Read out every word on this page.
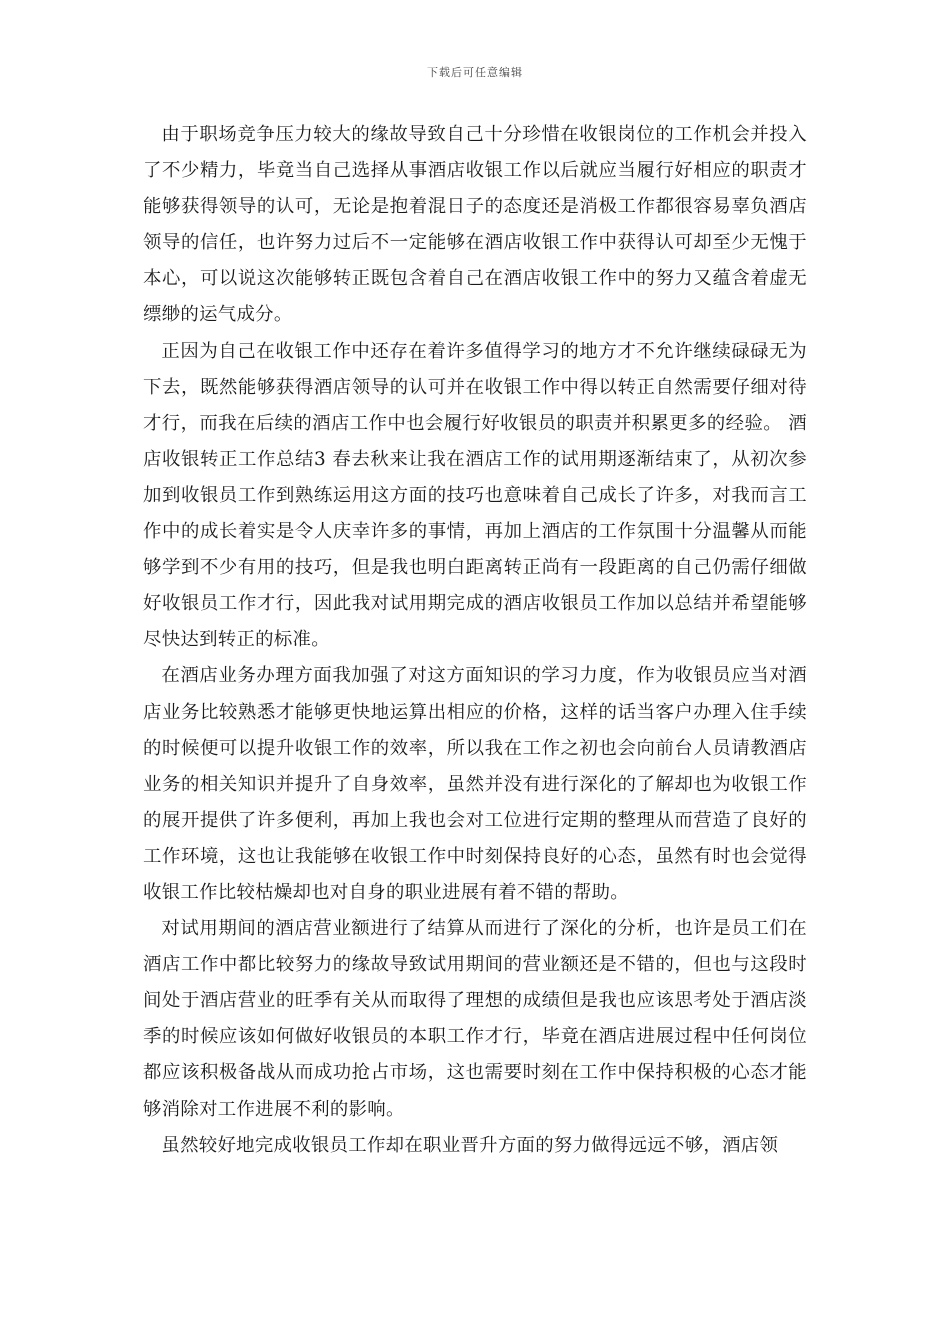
下载后可任意编辑

由于职场竞争压力较大的缘故导致自己十分珍惜在收银岗位的工作机会并投入了不少精力，毕竟当自己选择从事酒店收银工作以后就应当履行好相应的职责才能够获得领导的认可，无论是抱着混日子的态度还是消极工作都很容易辜负酒店领导的信任，也许努力过后不一定能够在酒店收银工作中获得认可却至少无愧于本心，可以说这次能够转正既包含着自己在酒店收银工作中的努力又蕴含着虚无缥缈的运气成分。

正因为自己在收银工作中还存在着许多值得学习的地方才不允许继续碌碌无为下去，既然能够获得酒店领导的认可并在收银工作中得以转正自然需要仔细对待才行，而我在后续的酒店工作中也会履行好收银员的职责并积累更多的经验。 酒店收银转正工作总结3 春去秋来让我在酒店工作的试用期逐渐结束了，从初次参加到收银员工作到熟练运用这方面的技巧也意味着自己成长了许多，对我而言工作中的成长着实是令人庆幸许多的事情，再加上酒店的工作氛围十分温馨从而能够学到不少有用的技巧，但是我也明白距离转正尚有一段距离的自己仍需仔细做好收银员工作才行，因此我对试用期完成的酒店收银员工作加以总结并希望能够尽快达到转正的标准。

在酒店业务办理方面我加强了对这方面知识的学习力度，作为收银员应当对酒店业务比较熟悉才能够更快地运算出相应的价格，这样的话当客户办理入住手续的时候便可以提升收银工作的效率，所以我在工作之初也会向前台人员请教酒店业务的相关知识并提升了自身效率，虽然并没有进行深化的了解却也为收银工作的展开提供了许多便利，再加上我也会对工位进行定期的整理从而营造了良好的工作环境，这也让我能够在收银工作中时刻保持良好的心态，虽然有时也会觉得收银工作比较枯燥却也对自身的职业进展有着不错的帮助。

对试用期间的酒店营业额进行了结算从而进行了深化的分析，也许是员工们在酒店工作中都比较努力的缘故导致试用期间的营业额还是不错的，但也与这段时间处于酒店营业的旺季有关从而取得了理想的成绩但是我也应该思考处于酒店淡季的时候应该如何做好收银员的本职工作才行，毕竟在酒店进展过程中任何岗位都应该积极备战从而成功抢占市场，这也需要时刻在工作中保持积极的心态才能够消除对工作进展不利的影响。

虽然较好地完成收银员工作却在职业晋升方面的努力做得远远不够，酒店领
